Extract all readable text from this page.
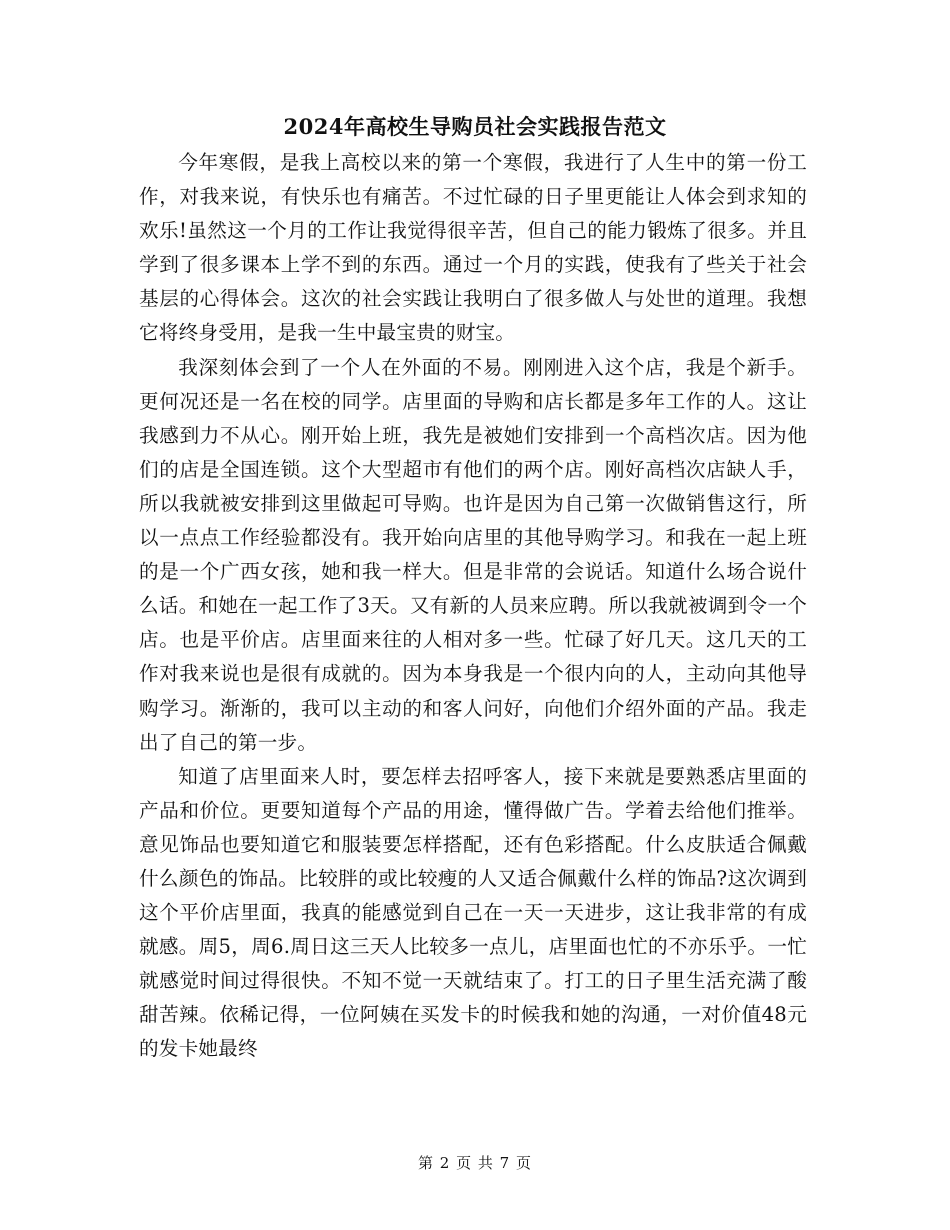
2024年高校生导购员社会实践报告范文

今年寒假，是我上高校以来的第一个寒假，我进行了人生中的第一份工作，对我来说，有快乐也有痛苦。不过忙碌的日子里更能让人体会到求知的欢乐!虽然这一个月的工作让我觉得很辛苦，但自己的能力锻炼了很多。并且学到了很多课本上学不到的东西。通过一个月的实践，使我有了些关于社会基层的心得体会。这次的社会实践让我明白了很多做人与处世的道理。我想它将终身受用，是我一生中最宝贵的财宝。

我深刻体会到了一个人在外面的不易。刚刚进入这个店，我是个新手。更何况还是一名在校的同学。店里面的导购和店长都是多年工作的人。这让我感到力不从心。刚开始上班，我先是被她们安排到一个高档次店。因为他们的店是全国连锁。这个大型超市有他们的两个店。刚好高档次店缺人手，所以我就被安排到这里做起可导购。也许是因为自己第一次做销售这行，所以一点点工作经验都没有。我开始向店里的其他导购学习。和我在一起上班的是一个广西女孩，她和我一样大。但是非常的会说话。知道什么场合说什么话。和她在一起工作了3天。又有新的人员来应聘。所以我就被调到令一个店。也是平价店。店里面来往的人相对多一些。忙碌了好几天。这几天的工作对我来说也是很有成就的。因为本身我是一个很内向的人，主动向其他导购学习。渐渐的，我可以主动的和客人问好，向他们介绍外面的产品。我走出了自己的第一步。

知道了店里面来人时，要怎样去招呼客人，接下来就是要熟悉店里面的产品和价位。更要知道每个产品的用途，懂得做广告。学着去给他们推举。意见饰品也要知道它和服装要怎样搭配，还有色彩搭配。什么皮肤适合佩戴什么颜色的饰品。比较胖的或比较瘦的人又适合佩戴什么样的饰品?这次调到这个平价店里面，我真的能感觉到自己在一天一天进步，这让我非常的有成就感。周5，周6.周日这三天人比较多一点儿，店里面也忙的不亦乐乎。一忙就感觉时间过得很快。不知不觉一天就结束了。打工的日子里生活充满了酸甜苦辣。依稀记得，一位阿姨在买发卡的时候我和她的沟通，一对价值48元的发卡她最终

第 2 页 共 7 页
